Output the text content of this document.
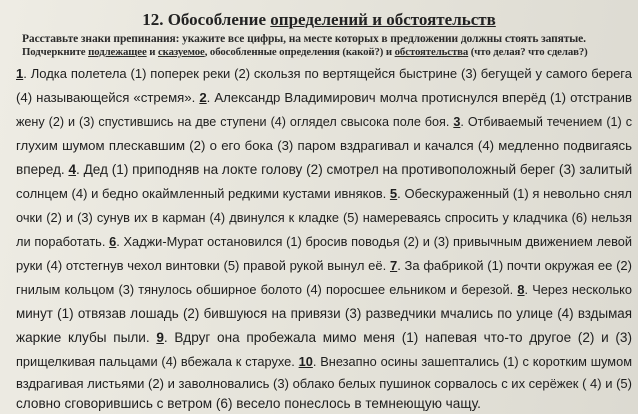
12. Обособление определений и обстоятельств
Расставьте знаки препинания: укажите все цифры, на месте которых в предложении должны стоять запятые.
Подчеркните подлежащее и сказуемое, обособленные определения (какой?) и обстоятельства (что делая? что сделав?)
1. Лодка полетела (1) поперек реки (2) скользя по вертящейся быстрине (3) бегущей у самого берега
(4) называющейся «стремя». 2. Александр Владимирович молча протиснулся вперёд (1) отстранив
жену (2) и (3) спустившись на две ступени (4) оглядел свысока поле боя. 3. Отбиваемый течением (1) с
глухим шумом плескавшим (2) о его бока (3) паром вздрагивал и качался (4) медленно подвигаясь
вперед. 4. Дед (1) приподняв на локте голову (2) смотрел на противоположный берег (3) залитый
солнцем (4) и бедно окаймленный редкими кустами ивняков. 5. Обескураженный (1) я невольно снял
очки (2) и (3) сунув их в карман (4) двинулся к кладке (5) намереваясь спросить у кладчика (6) нельзя
ли поработать. 6. Хаджи-Мурат остановился (1) бросив поводья (2) и (3) привычным движением левой
руки (4) отстегнув чехол винтовки (5) правой рукой вынул её. 7. За фабрикой (1) почти окружая ее (2)
гнилым кольцом (3) тянулось обширное болото (4) поросшее ельником и березой. 8. Через несколько
минут (1) отвязав лошадь (2) бившуюся на привязи (3) разведчики мчались по улице (4) вздымая
жаркие клубы пыли. 9. Вдруг она пробежала мимо меня (1) напевая что-то другое (2) и (3)
прищелкивая пальцами (4) вбежала к старухе. 10. Внезапно осины зашептались (1) с коротким шумом
вздрагивая листьями (2) и заволновались (3) облако белых пушинок сорвалось с их серёжек ( 4) и (5)
словно сговорившись с ветром (6) весело понеслось в темнеющую чащу.
